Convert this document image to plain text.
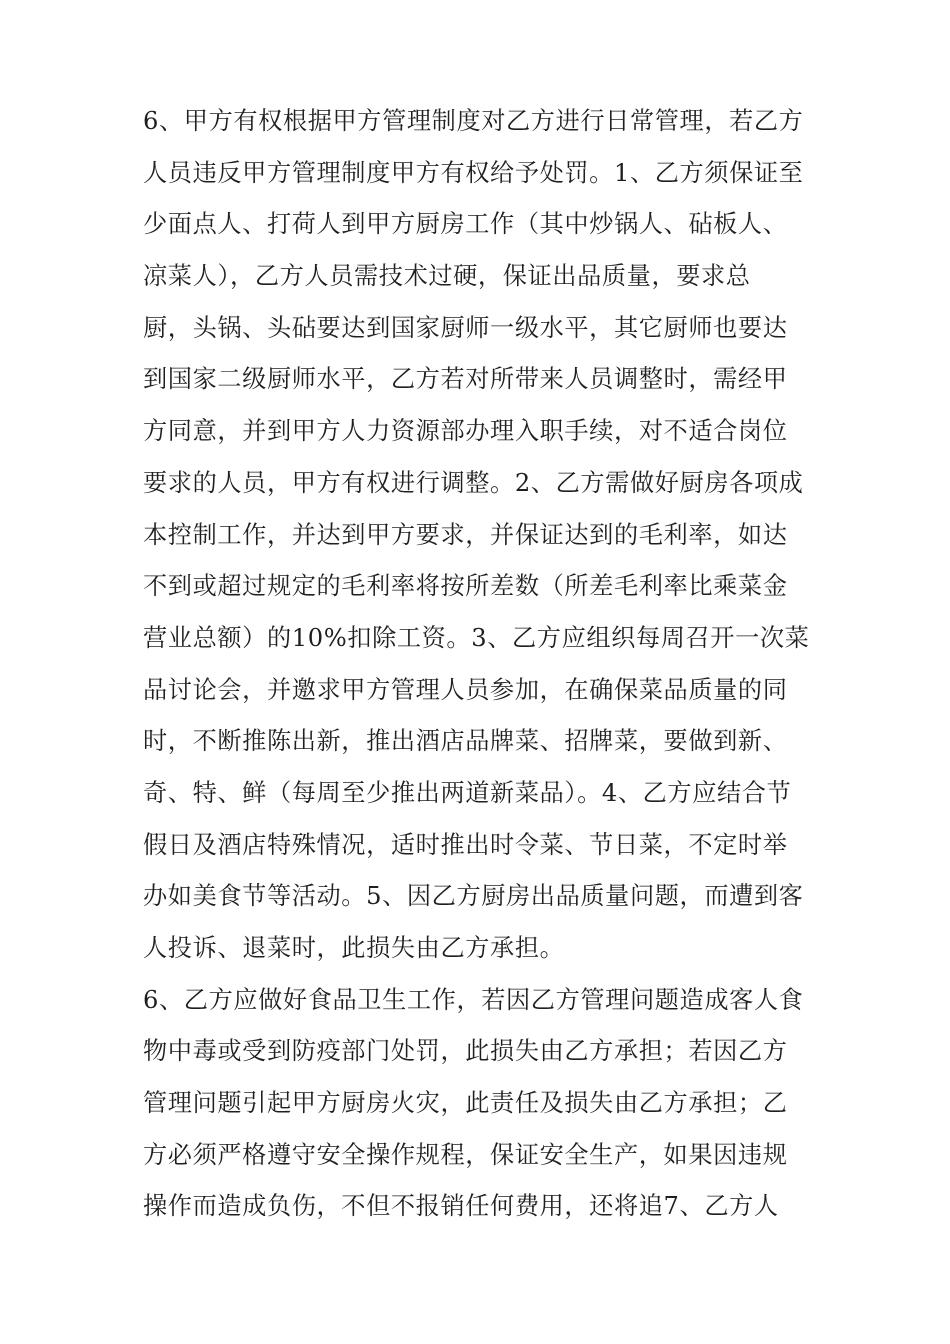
6、甲方有权根据甲方管理制度对乙方进行日常管理，若乙方
人员违反甲方管理制度甲方有权给予处罚。1、乙方须保证至
少面点人、打荷人到甲方厨房工作（其中炒锅人、砧板人、
凉菜人），乙方人员需技术过硬，保证出品质量，要求总
厨，头锅、头砧要达到国家厨师一级水平，其它厨师也要达
到国家二级厨师水平，乙方若对所带来人员调整时，需经甲
方同意，并到甲方人力资源部办理入职手续，对不适合岗位
要求的人员，甲方有权进行调整。2、乙方需做好厨房各项成
本控制工作，并达到甲方要求，并保证达到的毛利率，如达
不到或超过规定的毛利率将按所差数（所差毛利率比乘菜金
营业总额）的10%扣除工资。3、乙方应组织每周召开一次菜
品讨论会，并邀求甲方管理人员参加，在确保菜品质量的同
时，不断推陈出新，推出酒店品牌菜、招牌菜，要做到新、
奇、特、鲜（每周至少推出两道新菜品）。4、乙方应结合节
假日及酒店特殊情况，适时推出时令菜、节日菜，不定时举
办如美食节等活动。5、因乙方厨房出品质量问题，而遭到客
人投诉、退菜时，此损失由乙方承担。
6、乙方应做好食品卫生工作，若因乙方管理问题造成客人食
物中毒或受到防疫部门处罚，此损失由乙方承担；若因乙方
管理问题引起甲方厨房火灾，此责任及损失由乙方承担；乙
方必须严格遵守安全操作规程，保证安全生产，如果因违规
操作而造成负伤，不但不报销任何费用，还将追7、乙方人
